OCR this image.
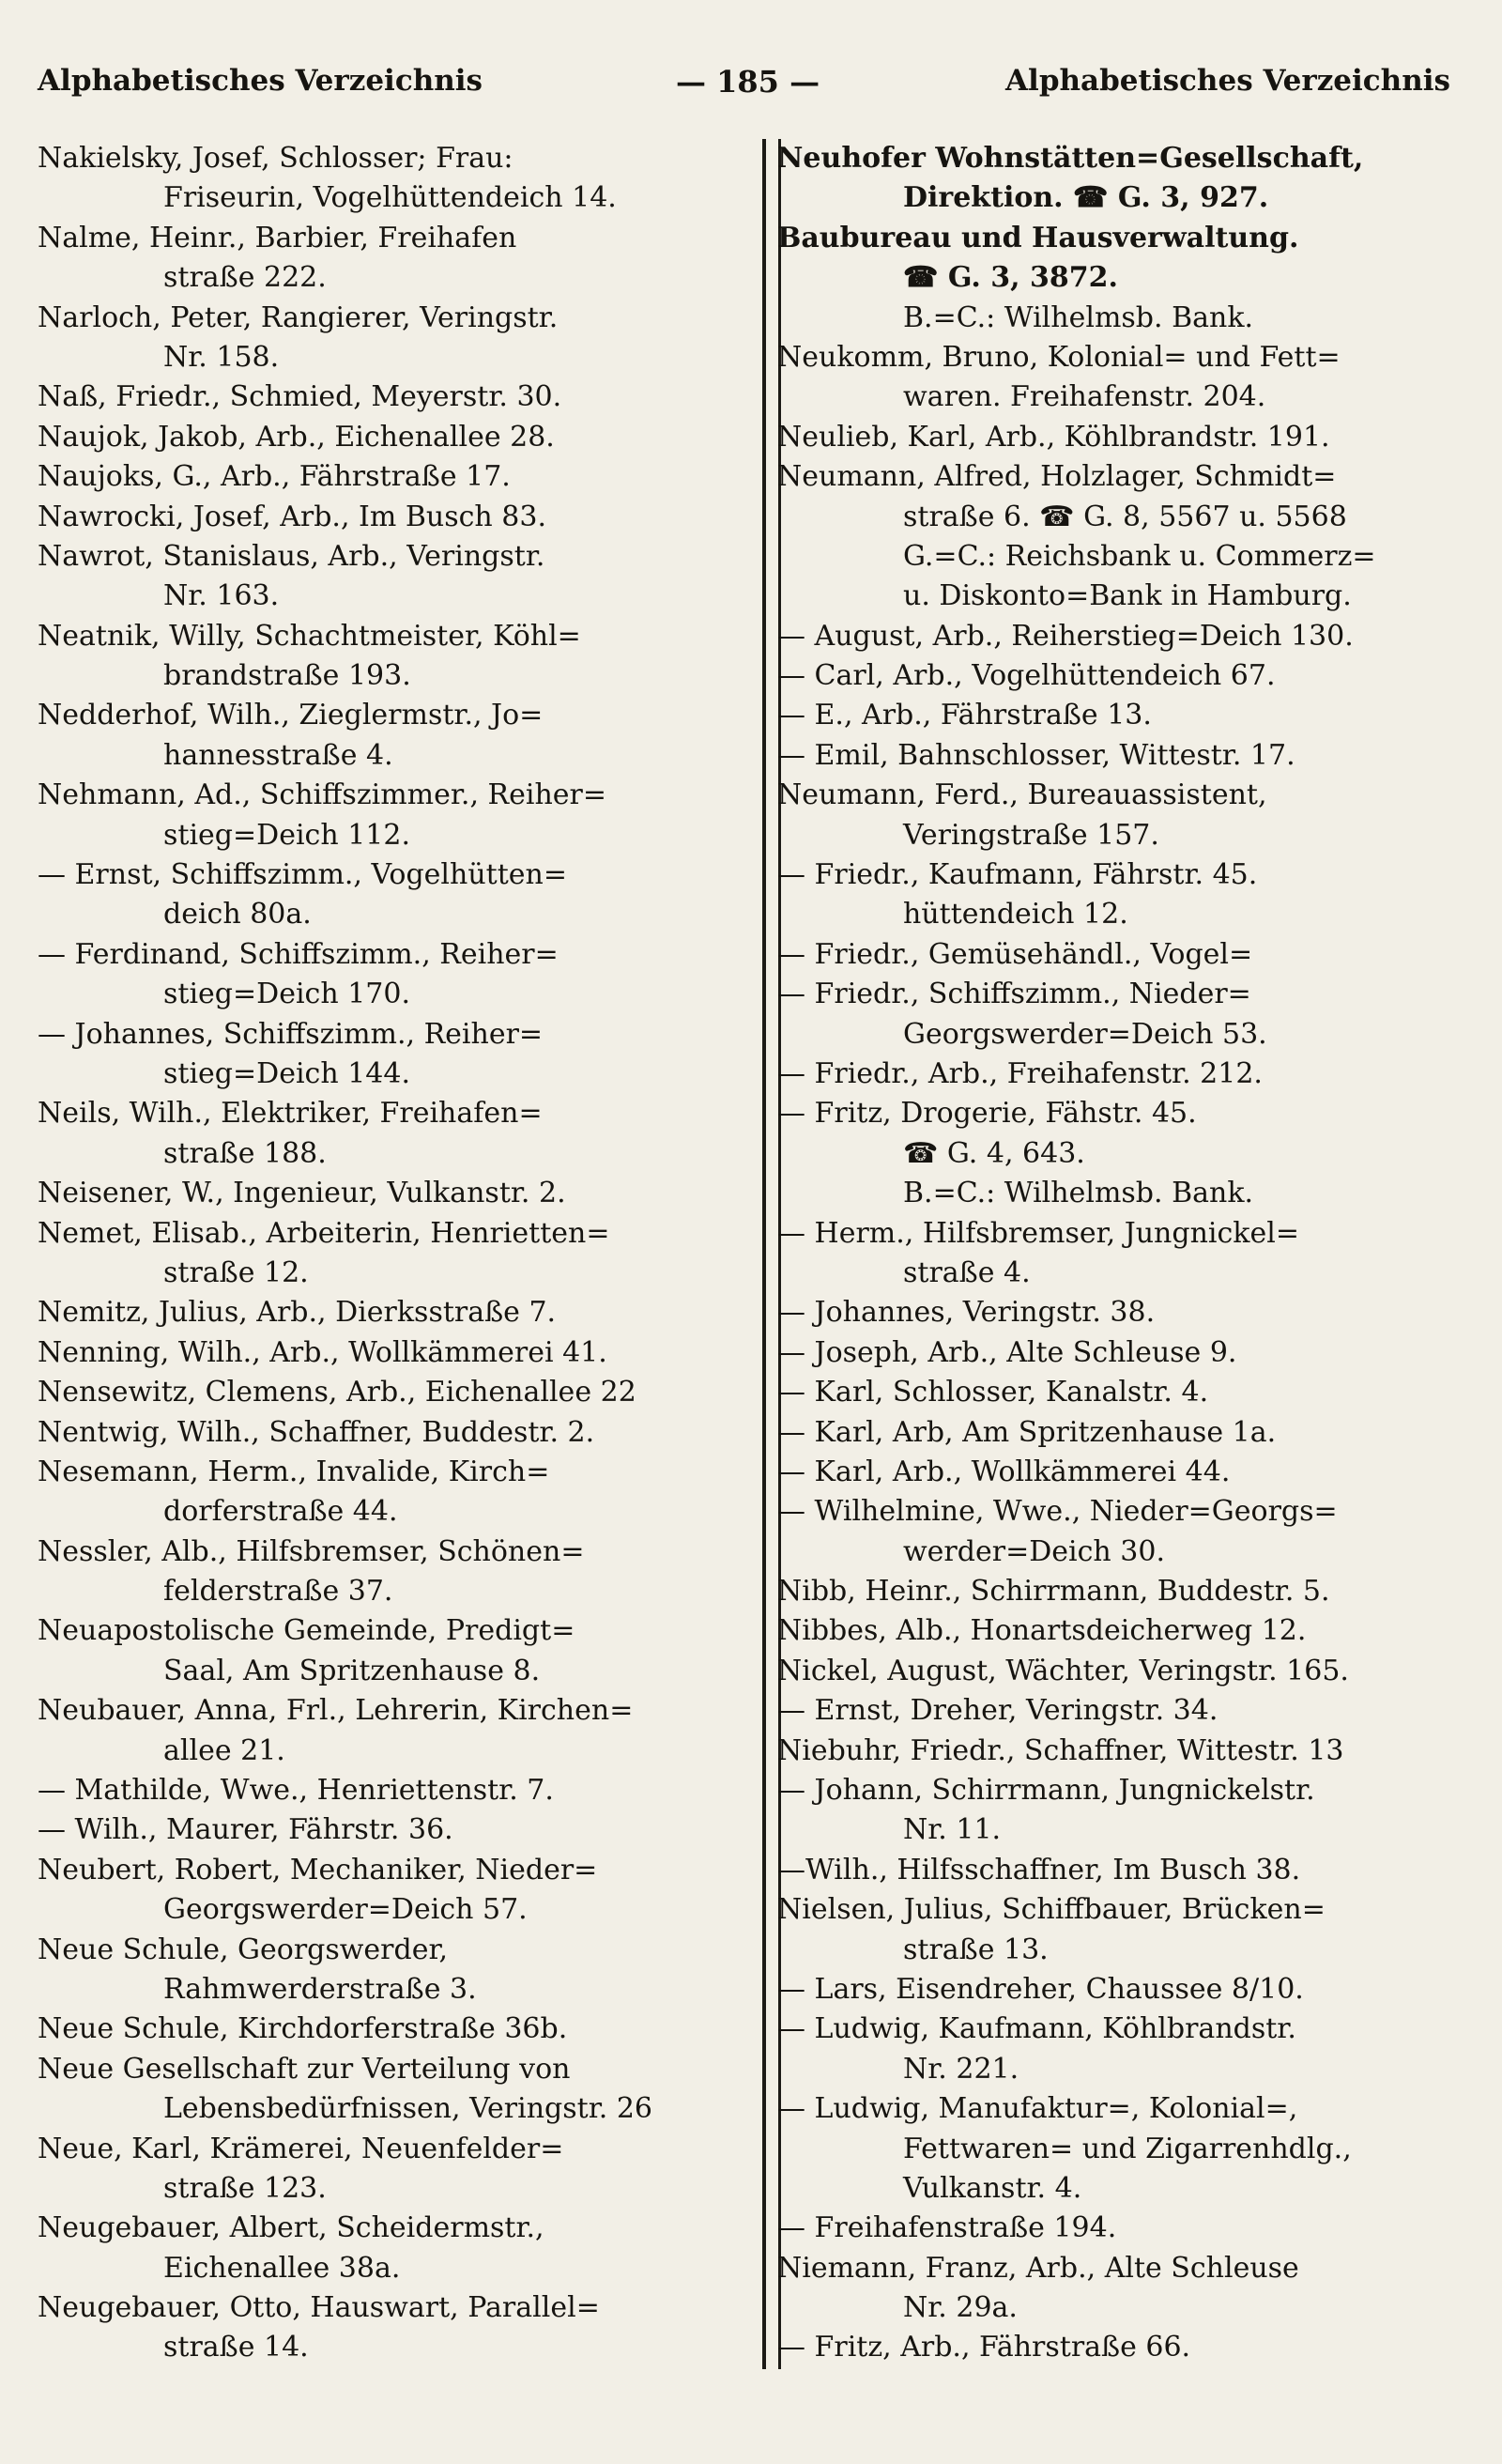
Alphabetisches Verzeichnis	— 185 —	Alphabetisches Verzeichnis
Nakielsky, Josef, Schlosser; Frau:
Friseurin, Vogelhüttendeich 14.
Nalme, Heinr., Barbier, Freihafen
straße 222.
Narloch, Peter, Rangierer, Veringstr.
Nr. 158.
Naß, Friedr., Schmied, Meyerstr. 30.
Naujok, Jakob, Arb., Eichenallee 28.
Naujoks, G., Arb., Fährstraße 17.
Nawrocki, Josef, Arb., Im Busch 83.
Nawrot, Stanislaus, Arb., Veringstr.
Nr. 163.
Neatnik, Willy, Schachtmeister, Köhl=
brandstraße 193.
Nedderhof, Wilh., Zieglermstr., Jo=
hannesstraße 4.
Nehmann, Ad., Schiffszimmer., Reiher=
stieg=Deich 112.
— Ernst, Schiffszimm., Vogelhütten=
deich 80a.
— Ferdinand, Schiffszimm., Reiher=
stieg=Deich 170.
— Johannes, Schiffszimm., Reiher=
stieg=Deich 144.
Neils, Wilh., Elektriker, Freihafen=
straße 188.
Neisener, W., Ingenieur, Vulkanstr. 2.
Nemet, Elisab., Arbeiterin, Henrietten=
straße 12.
Nemitz, Julius, Arb., Dierksstraße 7.
Nenning, Wilh., Arb., Wollkämmerei 41.
Nensewitz, Clemens, Arb., Eichenallee 22
Nentwig, Wilh., Schaffner, Buddestr. 2.
Nesemann, Herm., Invalide, Kirch=
dorferstraße 44.
Nessler, Alb., Hilfsbremser, Schönen=
felderstraße 37.
Neuapostolische Gemeinde, Predigt=
Saal, Am Spritzenhause 8.
Neubauer, Anna, Frl., Lehrerin, Kirchen=
allee 21.
— Mathilde, Wwe., Henriettenstr. 7.
— Wilh., Maurer, Fährstr. 36.
Neubert, Robert, Mechaniker, Nieder=
Georgswerder=Deich 57.
Neue Schule, Georgswerder,
Rahmwerderstraße 3.
Neue Schule, Kirchdorferstraße 36b.
Neue Gesellschaft zur Verteilung von
Lebensbedürfnissen, Veringstr. 26
Neue, Karl, Krämerei, Neuenfelder=
straße 123.
Neugebauer, Albert, Scheidermstr.,
Eichenallee 38a.
Neugebauer, Otto, Hauswart, Parallel=
straße 14.
Neuhofer Wohnstätten=Gesellschaft,
Direktion. ☎ G. 3, 927.
Baubureau und Hausverwaltung.
☎ G. 3, 3872.
B.=C.: Wilhelmsb. Bank.
Neukomm, Bruno, Kolonial= und Fett=
waren. Freihafenstr. 204.
Neulieb, Karl, Arb., Köhlbrandstr. 191.
Neumann, Alfred, Holzlager, Schmidt=
straße 6. ☎ G. 8, 5567 u. 5568
G.=C.: Reichsbank u. Commerz=
u. Diskonto=Bank in Hamburg.
— August, Arb., Reiherstieg=Deich 130.
— Carl, Arb., Vogelhüttendeich 67.
— E., Arb., Fährstraße 13.
— Emil, Bahnschlosser, Wittestr. 17.
Neumann, Ferd., Bureauassistent,
Veringstraße 157.
— Friedr., Kaufmann, Fährstr. 45.
hüttendeich 12.
— Friedr., Gemüsehändl., Vogel=
— Friedr., Schiffszimm., Nieder=
Georgswerder=Deich 53.
— Friedr., Arb., Freihafenstr. 212.
— Fritz, Drogerie, Fähstr. 45.
☎ G. 4, 643.
B.=C.: Wilhelmsb. Bank.
— Herm., Hilfsbremser, Jungnickel=
straße 4.
— Johannes, Veringstr. 38.
— Joseph, Arb., Alte Schleuse 9.
— Karl, Schlosser, Kanalstr. 4.
— Karl, Arb, Am Spritzenhause 1a.
— Karl, Arb., Wollkämmerei 44.
— Wilhelmine, Wwe., Nieder=Georgs=
werder=Deich 30.
Nibb, Heinr., Schirrmann, Buddestr. 5.
Nibbes, Alb., Honartsdeicherweg 12.
Nickel, August, Wächter, Veringstr. 165.
— Ernst, Dreher, Veringstr. 34.
Niebuhr, Friedr., Schaffner, Wittestr. 13
— Johann, Schirrmann, Jungnickelstr.
Nr. 11.
—Wilh., Hilfsschaffner, Im Busch 38.
Nielsen, Julius, Schiffbauer, Brücken=
straße 13.
— Lars, Eisendreher, Chaussee 8/10.
— Ludwig, Kaufmann, Köhlbrandstr.
Nr. 221.
— Ludwig, Manufaktur=, Kolonial=,
Fettwaren= und Zigarrenhdlg.,
Vulkanstr. 4.
— Freihafenstraße 194.
Niemann, Franz, Arb., Alte Schleuse
Nr. 29a.
— Fritz, Arb., Fährstraße 66.
